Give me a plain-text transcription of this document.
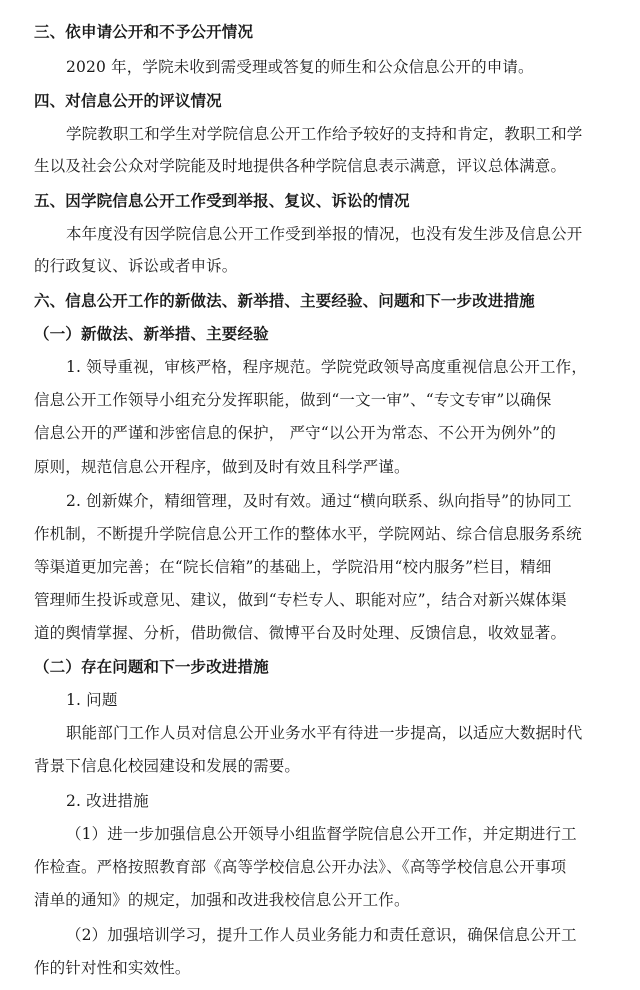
三、依申请公开和不予公开情况
2020 年，学院未收到需受理或答复的师生和公众信息公开的申请。
四、对信息公开的评议情况
学院教职工和学生对学院信息公开工作给予较好的支持和肯定，教职工和学
生以及社会公众对学院能及时地提供各种学院信息表示满意，评议总体满意。
五、因学院信息公开工作受到举报、复议、诉讼的情况
本年度没有因学院信息公开工作受到举报的情况，也没有发生涉及信息公开
的行政复议、诉讼或者申诉。
六、信息公开工作的新做法、新举措、主要经验、问题和下一步改进措施
（一）新做法、新举措、主要经验
1. 领导重视，审核严格，程序规范。学院党政领导高度重视信息公开工作，
信息公开工作领导小组充分发挥职能，做到“一文一审”、“专文专审”以确保
信息公开的严谨和涉密信息的保护， 严守“以公开为常态、不公开为例外”的
原则，规范信息公开程序，做到及时有效且科学严谨。
2. 创新媒介，精细管理，及时有效。通过“横向联系、纵向指导”的协同工
作机制，不断提升学院信息公开工作的整体水平，学院网站、综合信息服务系统
等渠道更加完善；在“院长信箱”的基础上，学院沿用“校内服务”栏目，精细
管理师生投诉或意见、建议，做到“专栏专人、职能对应”，结合对新兴媒体渠
道的舆情掌握、分析，借助微信、微博平台及时处理、反馈信息，收效显著。
（二）存在问题和下一步改进措施
1. 问题
职能部门工作人员对信息公开业务水平有待进一步提高，以适应大数据时代
背景下信息化校园建设和发展的需要。
2. 改进措施
（1）进一步加强信息公开领导小组监督学院信息公开工作，并定期进行工
作检查。严格按照教育部《高等学校信息公开办法》、《高等学校信息公开事项
清单的通知》的规定，加强和改进我校信息公开工作。
（2）加强培训学习，提升工作人员业务能力和责任意识，确保信息公开工
作的针对性和实效性。
